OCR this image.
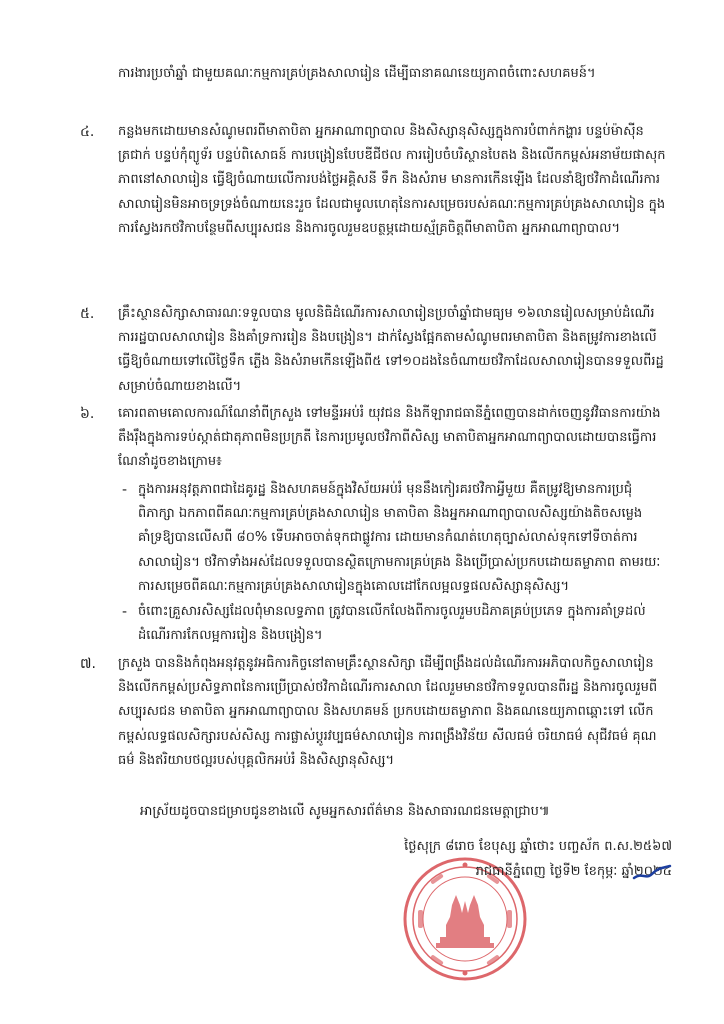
ការងារប្រចាំឆ្នាំ ជាមួយគណៈកម្មការគ្រប់គ្រងសាលារៀន ដើម្បីធានាគណនេយ្យភាពចំពោះសហគមន៍។
៤. កន្លងមកដោយមានសំណូមពរពីមាតាបិតា អ្នកអាណាព្យាបាល និងសិស្សានុសិស្សក្នុងការបំពាក់កង្ហារ បន្ទប់ម៉ាស៊ីនត្រជាក់ បន្ទប់កុំព្យូទ័រ បន្ទប់ពិសោធន៍ ការបង្រៀនបែបឌីជីថល ការរៀបចំបរិស្ថានបៃតង និងលើកកម្ពស់អនាម័យផាសុកភាពនៅសាលារៀន ធ្វើឱ្យចំណាយលើការបង់ថ្លៃអគ្គិសនី ទឹក និងសំរាម មានការកើនឡើង ដែលនាំឱ្យថវិកាដំណើរការសាលារៀនមិនអាចទ្រទ្រង់ចំណាយនេះរួច ដែលជាមូលហេតុនៃការសម្រេចរបស់គណៈកម្មការគ្រប់គ្រងសាលារៀន ក្នុងការស្វែងរកថវិកាបន្ថែមពីសប្បុរសជន និងការចូលរួមឧបត្ថម្ភដោយស្ម័គ្រចិត្តពីមាតាបិតា អ្នកអាណាព្យាបាល។
៥. គ្រឹះស្ថានសិក្សាសាធារណៈទទួលបាន មូលនិធិដំណើរការសាលារៀនប្រចាំឆ្នាំជាមធ្យម ១៦លានរៀលសម្រាប់ដំណើរការរដ្ឋបាលសាលារៀន និងគាំទ្រការរៀន និងបង្រៀន។ ដាក់ស្វែងផ្អែកតាមសំណូមពរមាតាបិតា និងតម្រូវការខាងលើធ្វើឱ្យចំណាយទៅលើថ្លៃទឹក ភ្លើង និងសំរាមកើនឡើងពី៥ ទៅ១០ដងនៃចំណាយថវិកាដែលសាលារៀនបានទទួលពីរដ្ឋសម្រាប់ចំណាយខាងលើ។
៦. គោរពតាមគោលការណ៍ណែនាំពីក្រសួង ទៅមន្ទីរអប់រំ យុវជន និងកីឡារាជធានីភ្នំពេញបានដាក់ចេញនូវវិធានការយ៉ាងតឹងរ៉ឹងក្នុងការទប់ស្កាត់ជាតុភាពមិនប្រក្រតី នៃការប្រមូលថវិកាពីសិស្ស មាតាបិតាអ្នកអាណាព្យាបាលដោយបានធ្វើការណែនាំដូចខាងក្រោម៖
- ក្នុងការអនុវត្តភាពជាដៃគូរដ្ឋ និងសហគមន៍ក្នុងវិស័យអប់រំ មុននឹងកៀរគរថវិកាអ្វីមួយ គឺតម្រូវឱ្យមានការប្រជុំ ពិភាក្សា ឯកភាពពីគណៈកម្មការគ្រប់គ្រងសាលារៀន មាតាបិតា និងអ្នកអាណាព្យាបាលសិស្សយ៉ាងតិចសម្លេងគាំទ្រឱ្យបានលើសពី ៨០% ទើបអាចចាត់ទុកជាផ្លូវការ ដោយមានកំណត់ហេតុច្បាស់លាស់ទុកទៅទីចាត់ការសាលារៀន។ ថវិកាទាំងអស់ដែលទទួលបានស្ថិតក្រោមការគ្រប់គ្រង និងប្រើប្រាស់ប្រកបដោយតម្លាភាព តាមរយៈការសម្រេចពីគណៈកម្មការគ្រប់គ្រងសាលារៀនក្នុងគោលដៅកែលម្អលទ្ធផលសិស្សានុសិស្ស។
- ចំពោះគ្រួសារសិស្សដែលពុំមានលទ្ធភាព ត្រូវបានលើកលែងពីការចូលរួមបដិភាគគ្រប់ប្រភេទ ក្នុងការគាំទ្រដល់ដំណើរការកែលម្អការរៀន និងបង្រៀន។
៧. ក្រសួង បាននិងកំពុងអនុវត្តនូវអធិការកិច្ចនៅតាមគ្រឹះស្ថានសិក្សា ដើម្បីពង្រឹងដល់ដំណើរការអភិបាលកិច្ចសាលារៀន និងលើកកម្ពស់ប្រសិទ្ធភាពនៃការប្រើប្រាស់ថវិកាដំណើរការសាលា ដែលរួមមានថវិកាទទួលបានពីរដ្ឋ និងការចូលរួមពីសប្បុរសជន មាតាបិតា អ្នកអាណាព្យាបាល និងសហគមន៍ ប្រកបដោយតម្លាភាព និងគណនេយ្យភាពឆ្ពោះទៅ លើកកម្ពស់លទ្ធផលសិក្សារបស់សិស្ស ការផ្លាស់ប្តូរវប្បធម៌សាលារៀន ការពង្រឹងវិន័យ សីលធម៌ ចរិយាធម៌ សុជីវធម៌ គុណធម៌ និងឥរិយាបថល្អរបស់បុគ្គលិកអប់រំ និងសិស្សានុសិស្ស។
អាស្រ័យដូចបានជម្រាបជូនខាងលើ សូមអ្នកសារព័ត៌មាន និងសាធារណជនមេត្តាជ្រាប៕
ថ្ងៃសុក្រ ៨រោច ខែបុស្ស ឆ្នាំថោះ បញ្ចស័ក ព.ស.២៥៦៧
រាជធានីភ្នំពេញ ថ្ងៃទី២ ខែកុម្ភៈ ឆ្នាំ២០២៤
